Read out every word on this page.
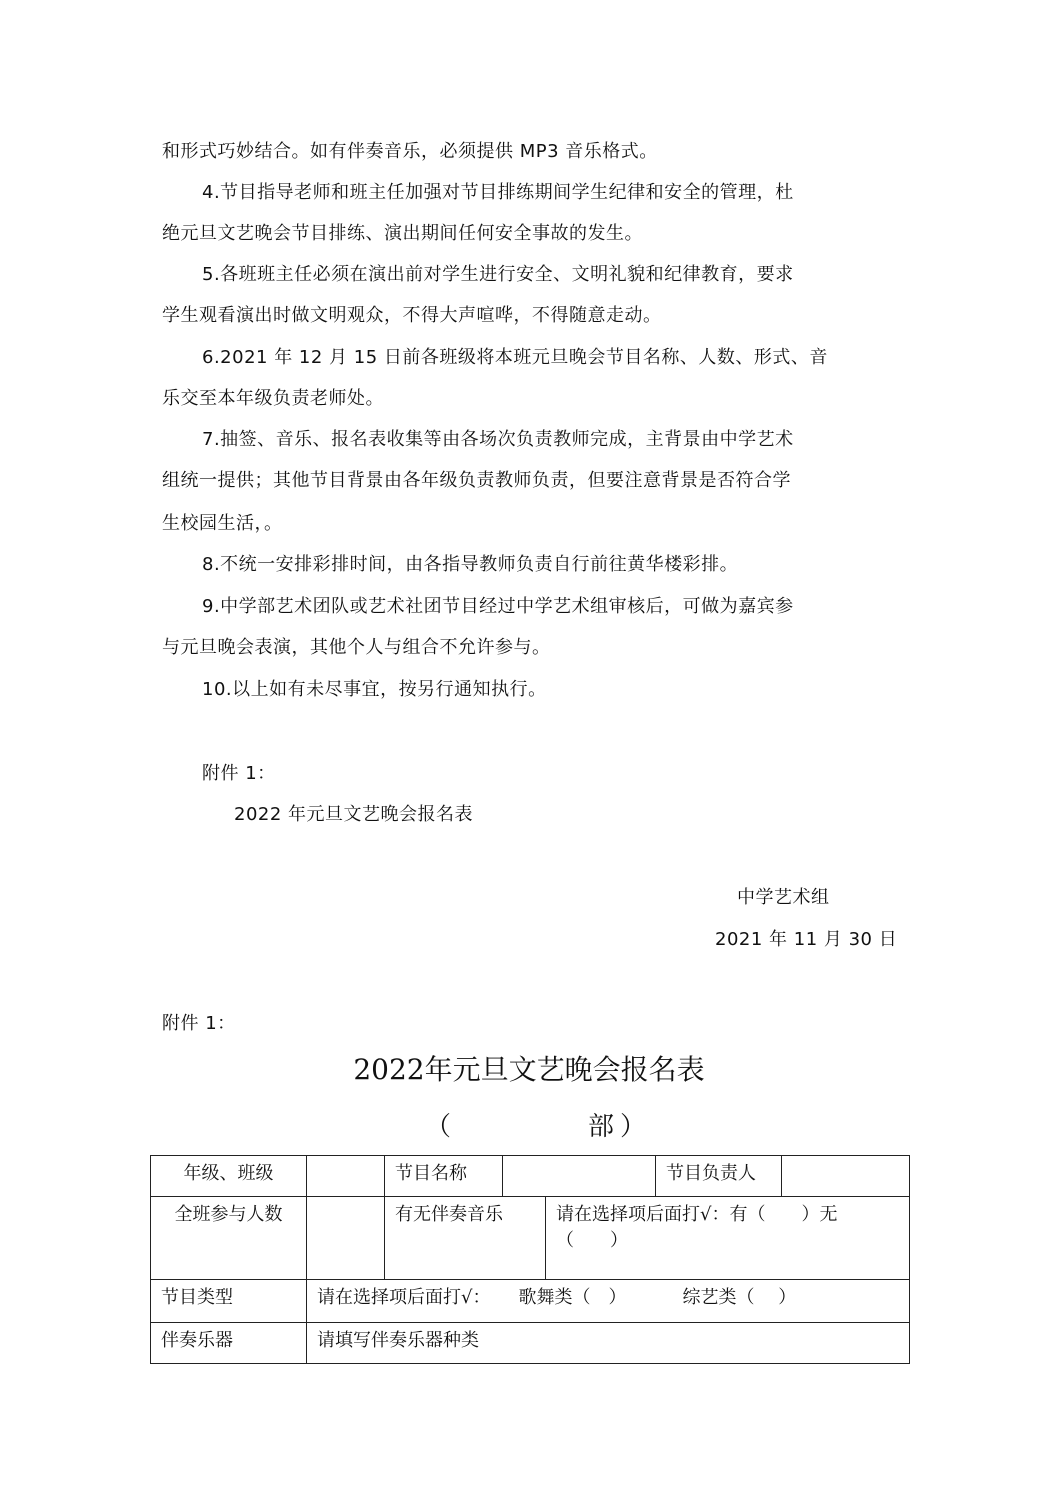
和形式巧妙结合。如有伴奏音乐，必须提供 MP3 音乐格式。
4.节目指导老师和班主任加强对节目排练期间学生纪律和安全的管理，杜
绝元旦文艺晚会节目排练、演出期间任何安全事故的发生。
5.各班班主任必须在演出前对学生进行安全、文明礼貌和纪律教育，要求
学生观看演出时做文明观众，不得大声喧哗，不得随意走动。
6.2021 年 12 月 15 日前各班级将本班元旦晚会节目名称、人数、形式、音
乐交至本年级负责老师处。
7.抽签、音乐、报名表收集等由各场次负责教师完成，主背景由中学艺术
组统一提供；其他节目背景由各年级负责教师负责，但要注意背景是否符合学
生校园生活，。
8.不统一安排彩排时间，由各指导教师负责自行前往黄华楼彩排。
9.中学部艺术团队或艺术社团节目经过中学艺术组审核后，可做为嘉宾参
与元旦晚会表演，其他个人与组合不允许参与。
10.以上如有未尽事宜，按另行通知执行。
附件 1：
2022 年元旦文艺晚会报名表
中学艺术组
2021 年 11 月 30 日
附件 1：
2022年元旦文艺晚会报名表
（	部 ）
年级、班级		节目名称			节目负责人	
全班参与人数		有无伴奏音乐		请在选择项后面打√：有（　　）无（　　）		
节目类型	请在选择项后面打√： 歌舞类（　） 综艺类（　 ）					
伴奏乐器	请填写伴奏乐器种类					
